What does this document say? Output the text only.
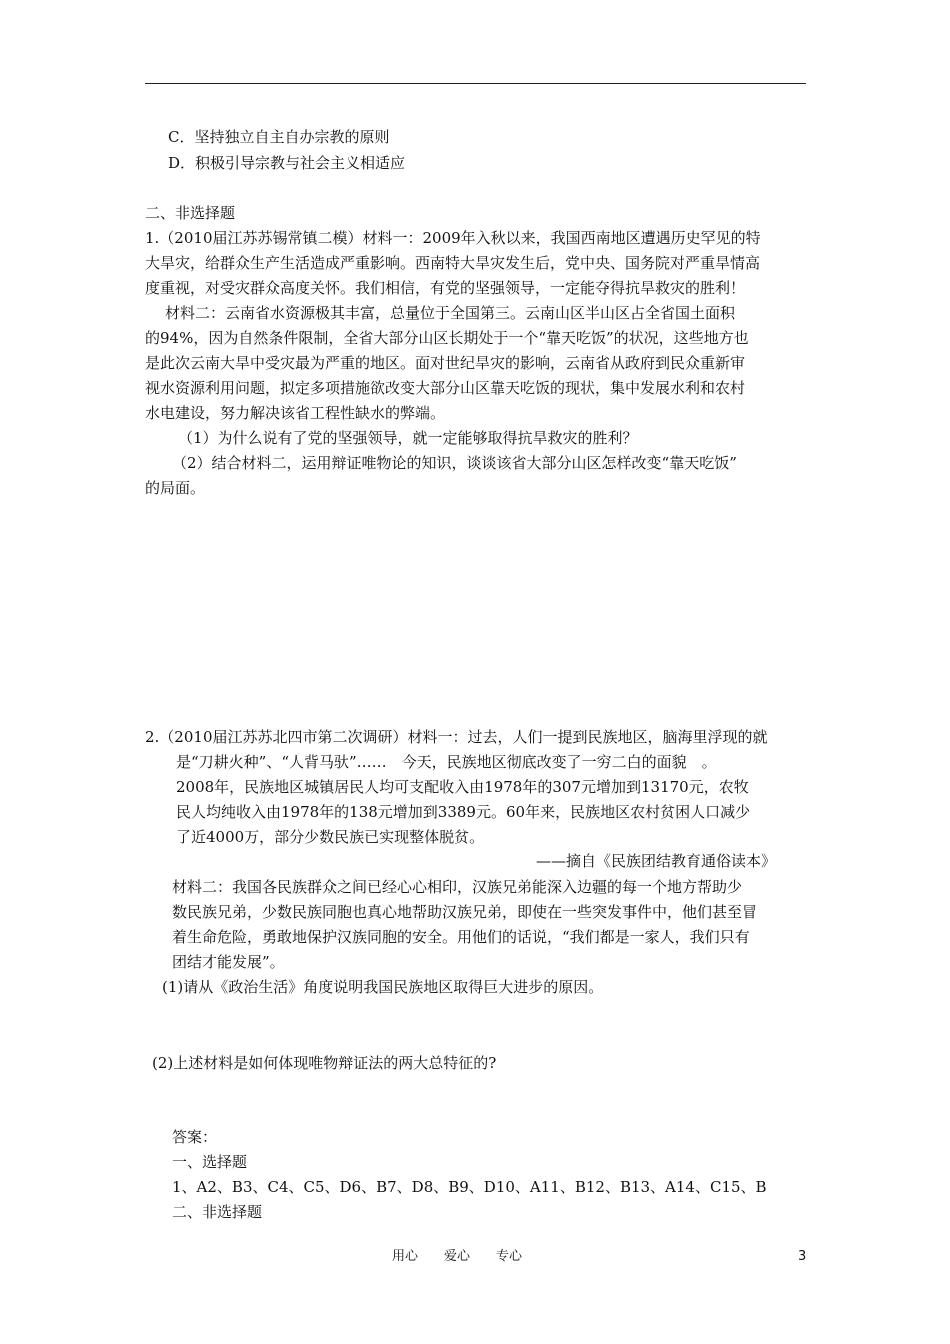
C．坚持独立自主自办宗教的原则
D．积极引导宗教与社会主义相适应
二、非选择题
1.（2010届江苏苏锡常镇二模）材料一：2009年入秋以来，我国西南地区遭遇历史罕见的特
大旱灾，给群众生产生活造成严重影响。西南特大旱灾发生后，党中央、国务院对严重旱情高
度重视，对受灾群众高度关怀。我们相信，有党的坚强领导，一定能夺得抗旱救灾的胜利！
材料二：云南省水资源极其丰富，总量位于全国第三。云南山区半山区占全省国土面积
的94%，因为自然条件限制，全省大部分山区长期处于一个“靠天吃饭”的状况，这些地方也
是此次云南大旱中受灾最为严重的地区。面对世纪旱灾的影响，云南省从政府到民众重新审
视水资源利用问题，拟定多项措施欲改变大部分山区靠天吃饭的现状，集中发展水利和农村
水电建设，努力解决该省工程性缺水的弊端。
（1）为什么说有了党的坚强领导，就一定能够取得抗旱救灾的胜利？
（2）结合材料二，运用辩证唯物论的知识，谈谈该省大部分山区怎样改变“靠天吃饭”
的局面。
2.（2010届江苏苏北四市第二次调研）材料一：过去，人们一提到民族地区，脑海里浮现的就
是“刀耕火种”、“人背马驮”……　今天，民族地区彻底改变了一穷二白的面貌　。
2008年，民族地区城镇居民人均可支配收入由1978年的307元增加到13170元，农牧
民人均纯收入由1978年的138元增加到3389元。60年来，民族地区农村贫困人口减少
了近4000万，部分少数民族已实现整体脱贫。
——摘自《民族团结教育通俗读本》
材料二：我国各民族群众之间已经心心相印，汉族兄弟能深入边疆的每一个地方帮助少
数民族兄弟，少数民族同胞也真心地帮助汉族兄弟，即使在一些突发事件中，他们甚至冒
着生命危险，勇敢地保护汉族同胞的安全。用他们的话说，“我们都是一家人，我们只有
团结才能发展”。
(1)请从《政治生活》角度说明我国民族地区取得巨大进步的原因。
(2)上述材料是如何体现唯物辩证法的两大总特征的?
答案：
一、选择题
1、A2、B3、C4、C5、D6、B7、D8、B9、D10、A11、B12、B13、A14、C15、B
二、非选择题
用心　　爱心　　专心	3
